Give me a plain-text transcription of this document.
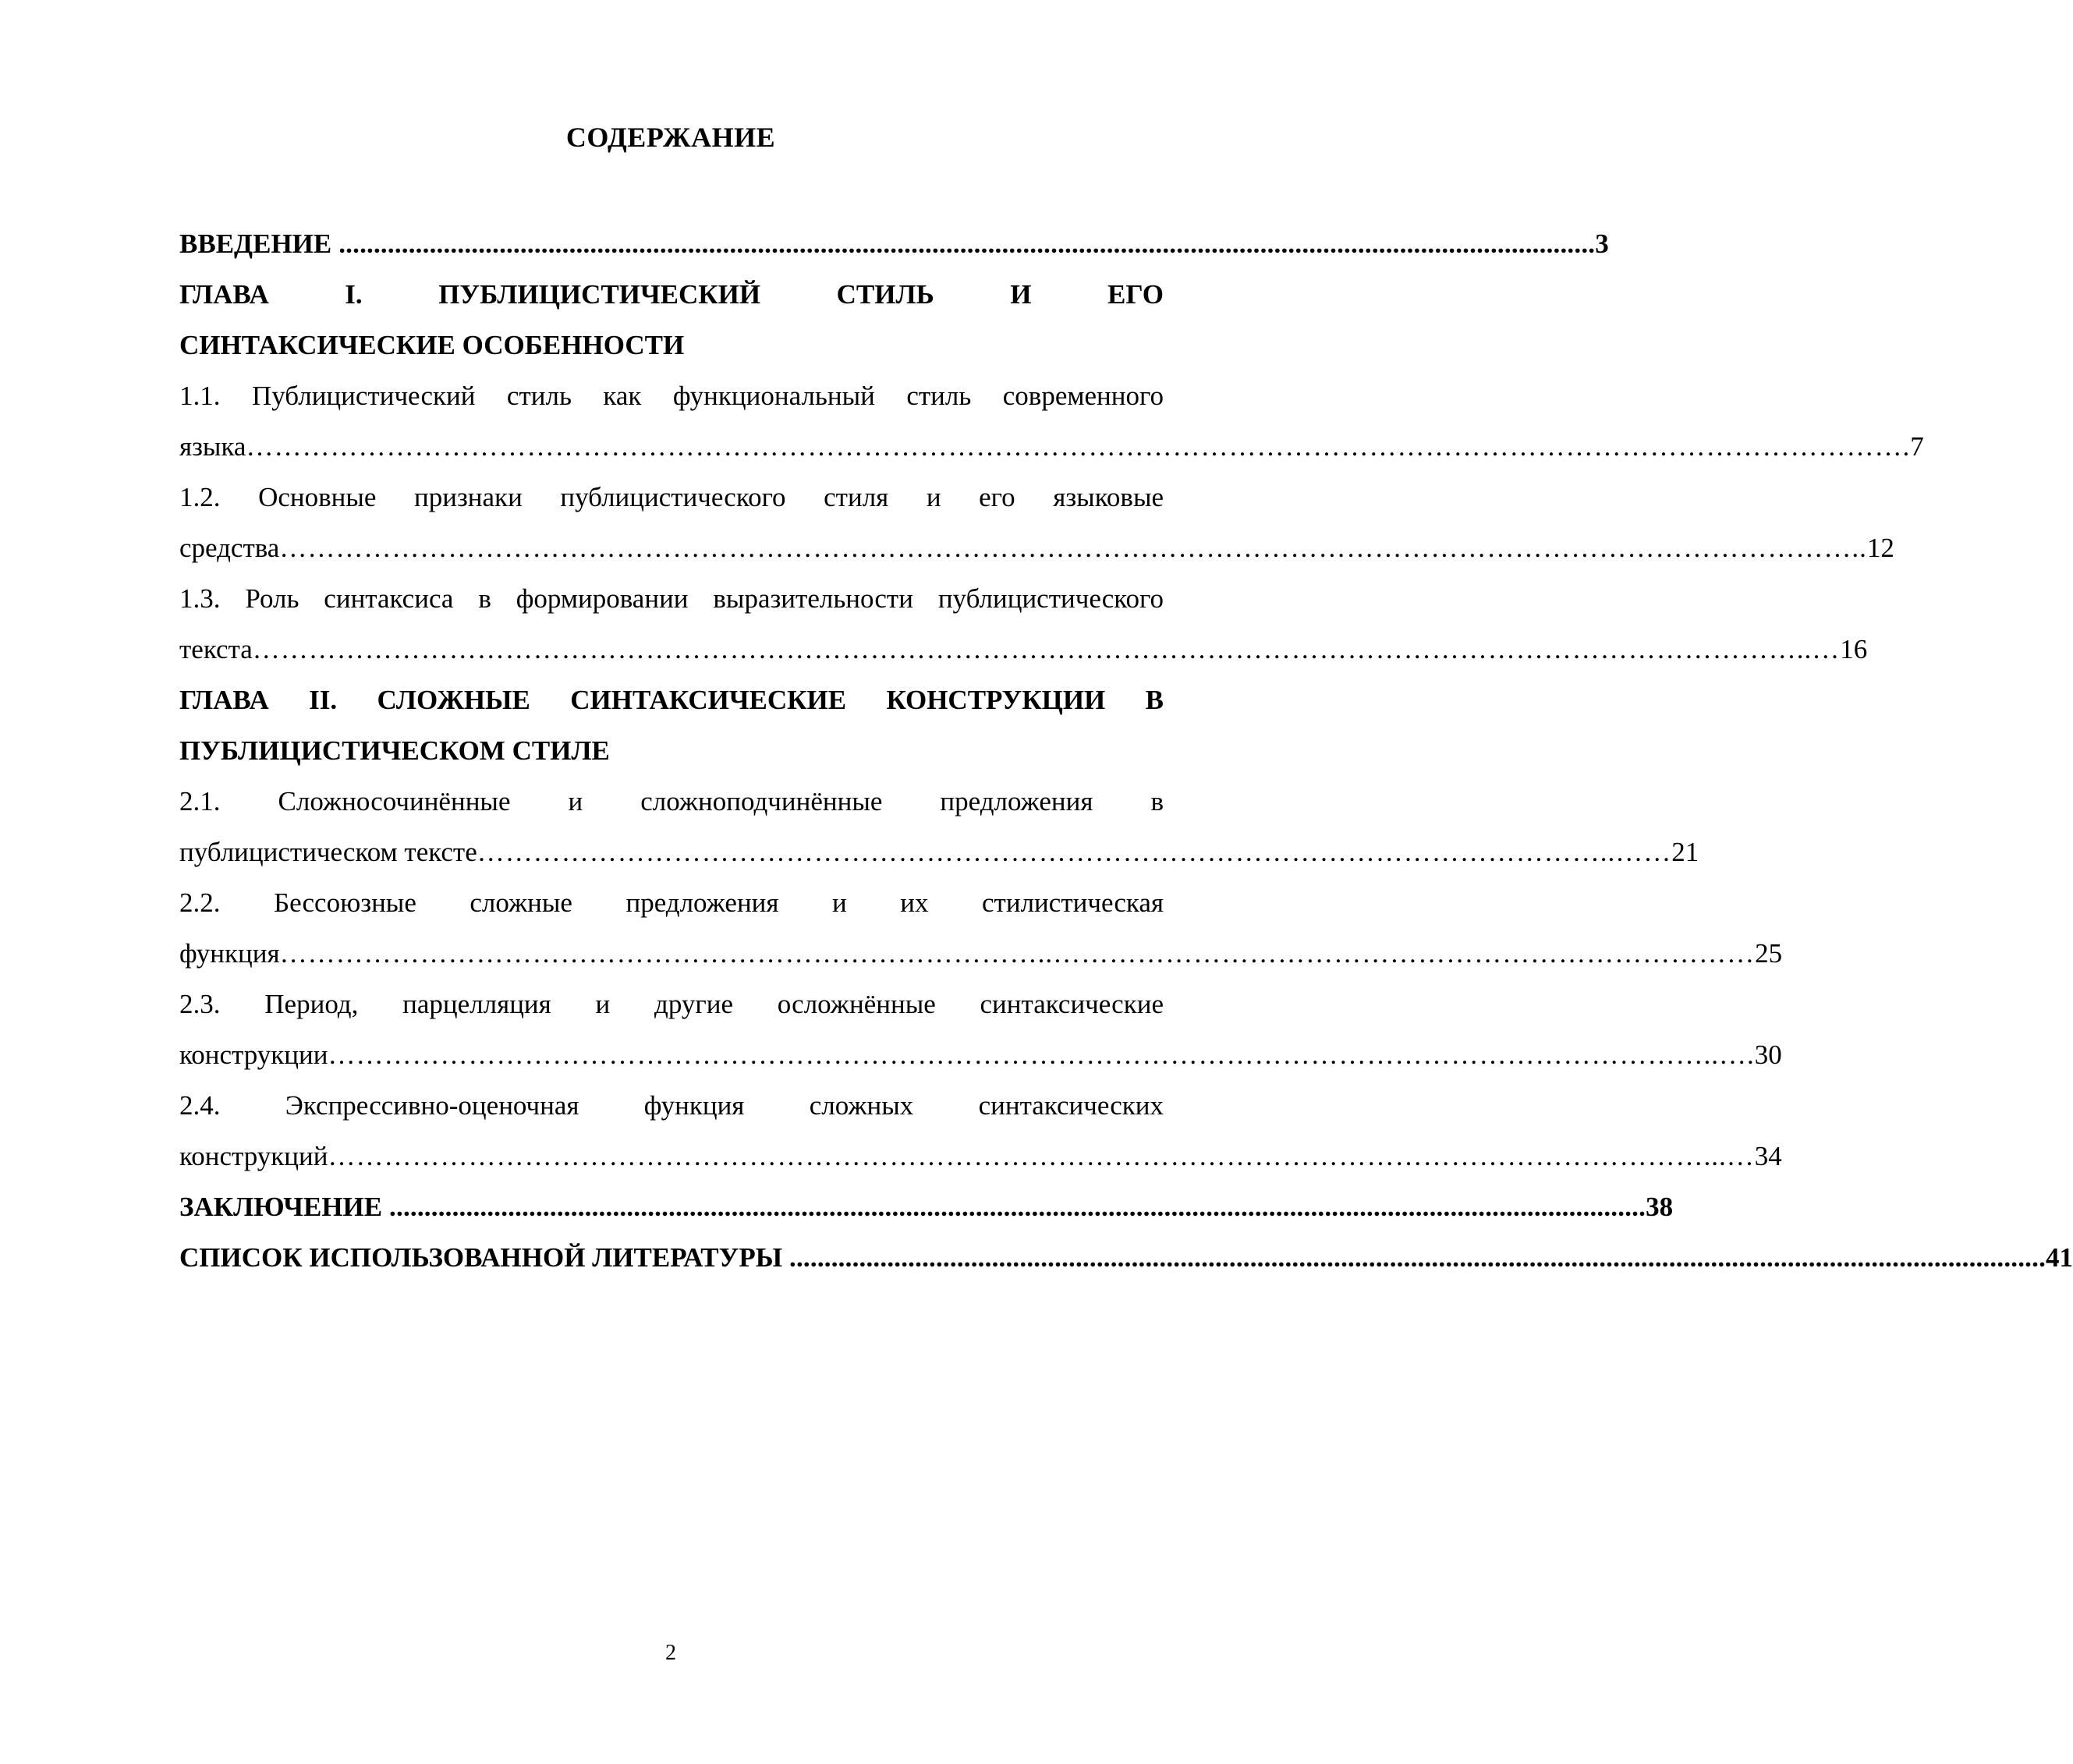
СОДЕРЖАНИЕ
ВВЕДЕНИЕ .................................................................................................................................................................................... 3
ГЛАВА I. ПУБЛИЦИСТИЧЕСКИЙ СТИЛЬ И ЕГО
СИНТАКСИЧЕСКИЕ ОСОБЕННОСТИ
1.1. Публицистический стиль как функциональный стиль современного
языка ……………………………………………………………………………………………………………………………………………………………. 7
1.2. Основные признаки публицистического стиля и его языковые
средства …………………………………………………………………………………………………………………………………………………….. 12
1.3. Роль синтаксиса в формировании выразительности публицистического
текста …………………………………………………………………………………………………………………………………………………..… 16
ГЛАВА II. СЛОЖНЫЕ СИНТАКСИЧЕСКИЕ КОНСТРУКЦИИ В
ПУБЛИЦИСТИЧЕСКОМ СТИЛЕ
2.1. Сложносочинённые и сложноподчинённые предложения в
публицистическом тексте …………………………………………………………………………………………………………..…… 21
2.2. Бессоюзные сложные предложения и их стилистическая
функция ………………………………………………………………………..………………………………………………………………… 25
2.3. Период, парцелляция и другие осложнённые синтаксические
конструкции …………………………………………………………………………………………………………………………………..…. 30
2.4. Экспрессивно-оценочная функция сложных синтаксических
конструкций …………………………………………………………………………………………………………………………………...… 34
ЗАКЛЮЧЕНИЕ .................................................................................................................................................................................... 38
СПИСОК ИСПОЛЬЗОВАННОЙ ЛИТЕРАТУРЫ .................................................................................................................................................................................... 41
2
